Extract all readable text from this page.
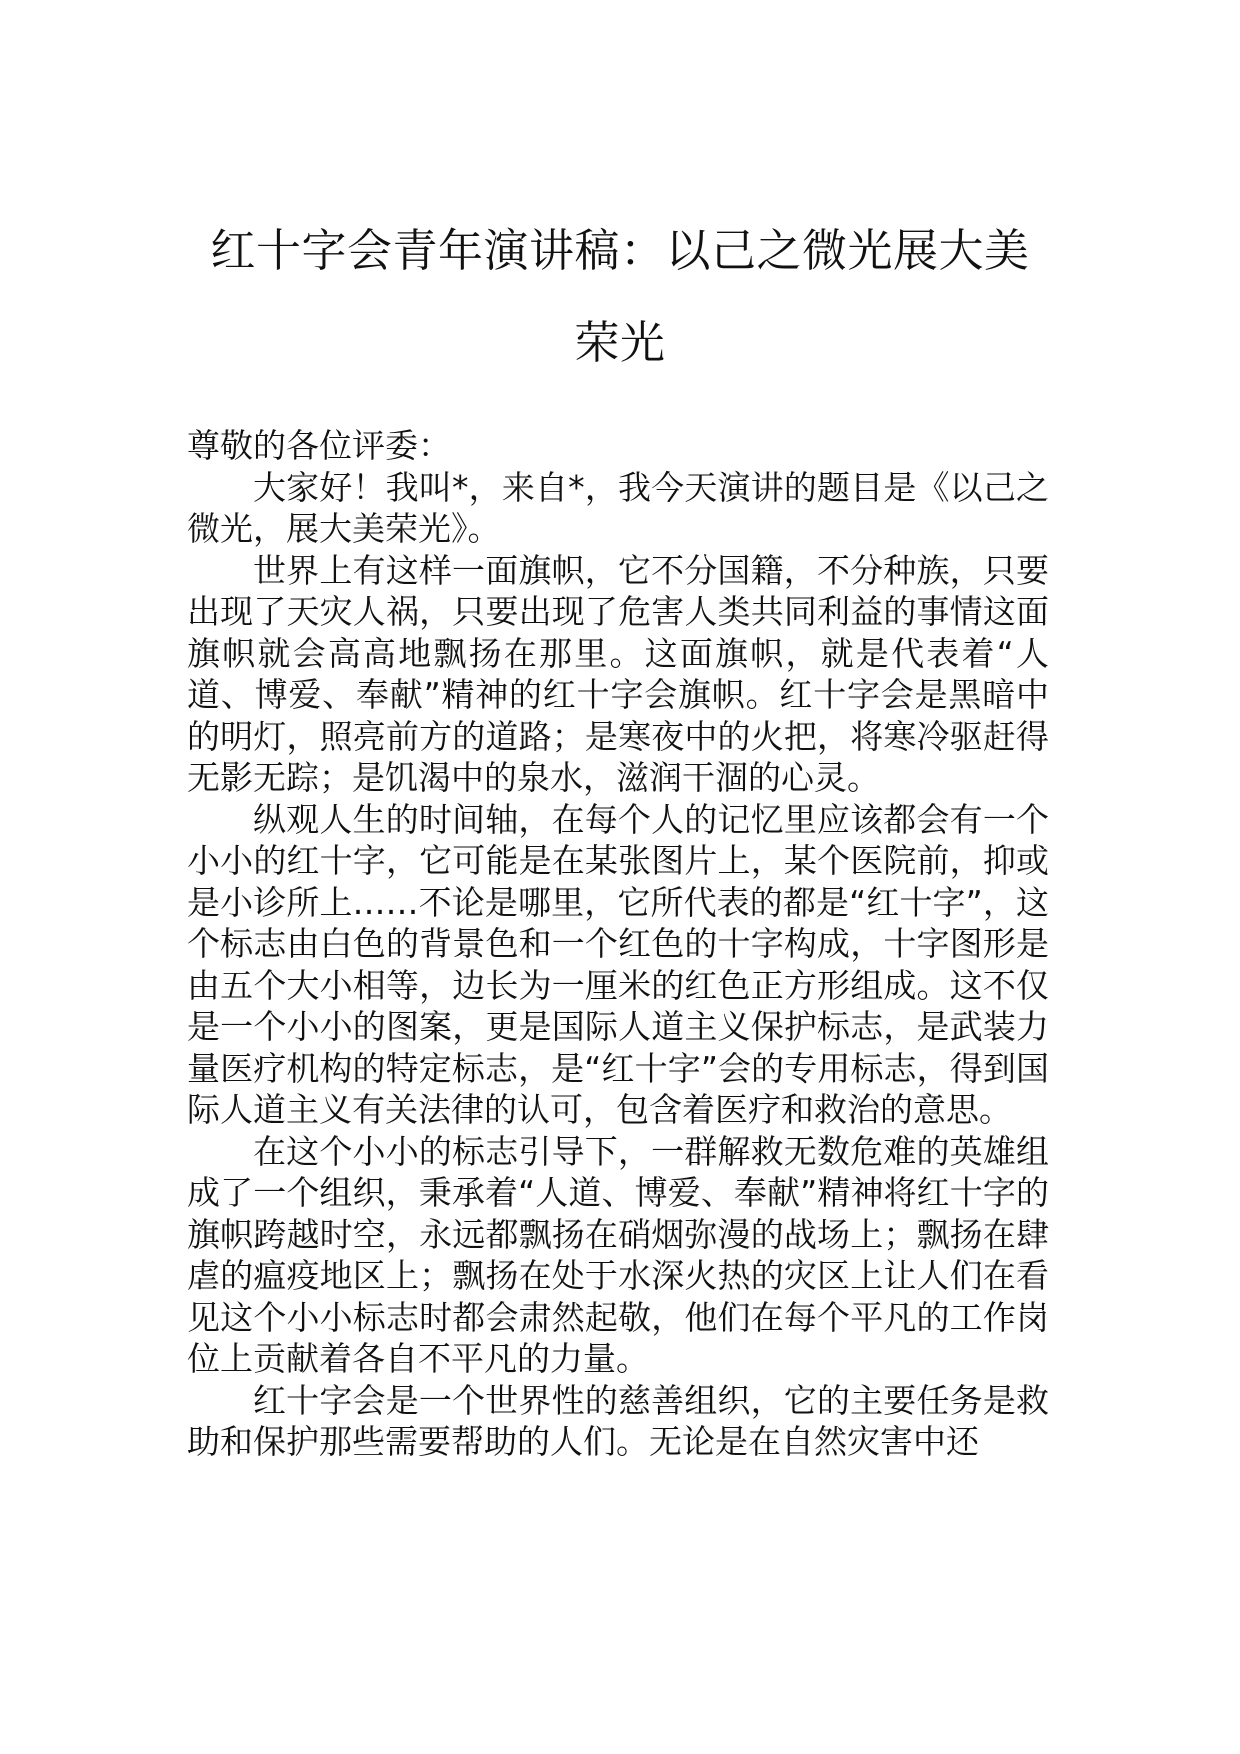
红十字会青年演讲稿：以己之微光展大美荣光

尊敬的各位评委：

大家好！我叫*，来自*，我今天演讲的题目是《以己之微光，展大美荣光》。

世界上有这样一面旗帜，它不分国籍，不分种族，只要出现了天灾人祸，只要出现了危害人类共同利益的事情这面旗帜就会高高地飘扬在那里。这面旗帜，就是代表着“人道、博爱、奉献”精神的红十字会旗帜。红十字会是黑暗中的明灯，照亮前方的道路；是寒夜中的火把，将寒冷驱赶得无影无踪；是饥渴中的泉水，滋润干涸的心灵。

纵观人生的时间轴，在每个人的记忆里应该都会有一个小小的红十字，它可能是在某张图片上，某个医院前，抑或是小诊所上……不论是哪里，它所代表的都是“红十字”，这个标志由白色的背景色和一个红色的十字构成，十字图形是由五个大小相等，边长为一厘米的红色正方形组成。这不仅是一个小小的图案，更是国际人道主义保护标志，是武装力量医疗机构的特定标志，是“红十字”会的专用标志，得到国际人道主义有关法律的认可，包含着医疗和救治的意思。

在这个小小的标志引导下，一群解救无数危难的英雄组成了一个组织，秉承着“人道、博爱、奉献”精神将红十字的旗帜跨越时空，永远都飘扬在硝烟弥漫的战场上；飘扬在肆虐的瘟疫地区上；飘扬在处于水深火热的灾区上让人们在看见这个小小标志时都会肃然起敬，他们在每个平凡的工作岗位上贡献着各自不平凡的力量。

红十字会是一个世界性的慈善组织，它的主要任务是救助和保护那些需要帮助的人们。无论是在自然灾害中还
